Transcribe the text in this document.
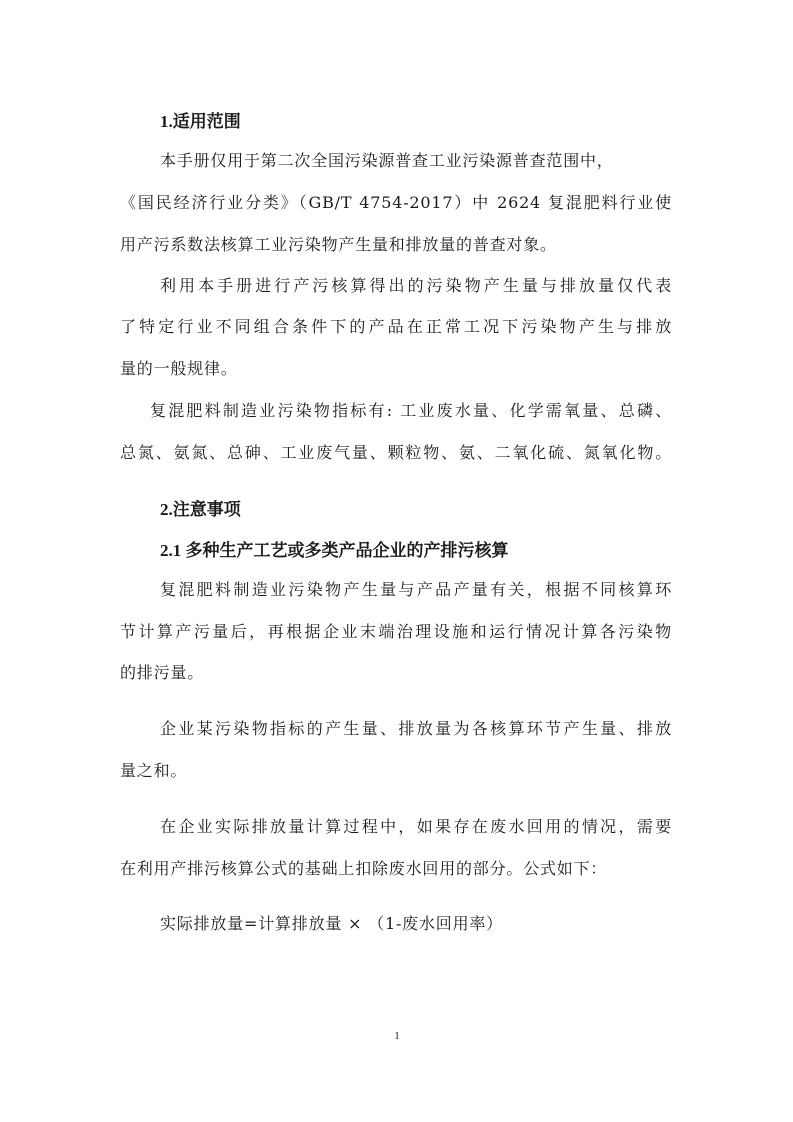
1.适用范围
本手册仅用于第二次全国污染源普查工业污染源普查范围中，
《国民经济行业分类》（GB/T 4754-2017）中 2624 复混肥料行业使
用产污系数法核算工业污染物产生量和排放量的普查对象。
利用本手册进行产污核算得出的污染物产生量与排放量仅代表
了特定行业不同组合条件下的产品在正常工况下污染物产生与排放
量的一般规律。
复混肥料制造业污染物指标有: 工业废水量、化学需氧量、总磷、
总氮、氨氮、总砷、工业废气量、颗粒物、氨、二氧化硫、氮氧化物。
2.注意事项
2.1 多种生产工艺或多类产品企业的产排污核算
复混肥料制造业污染物产生量与产品产量有关，根据不同核算环
节计算产污量后，再根据企业末端治理设施和运行情况计算各污染物
的排污量。
企业某污染物指标的产生量、排放量为各核算环节产生量、排放
量之和。
在企业实际排放量计算过程中，如果存在废水回用的情况，需要
在利用产排污核算公式的基础上扣除废水回用的部分。公式如下：
实际排放量=计算排放量 × （1-废水回用率）
1
